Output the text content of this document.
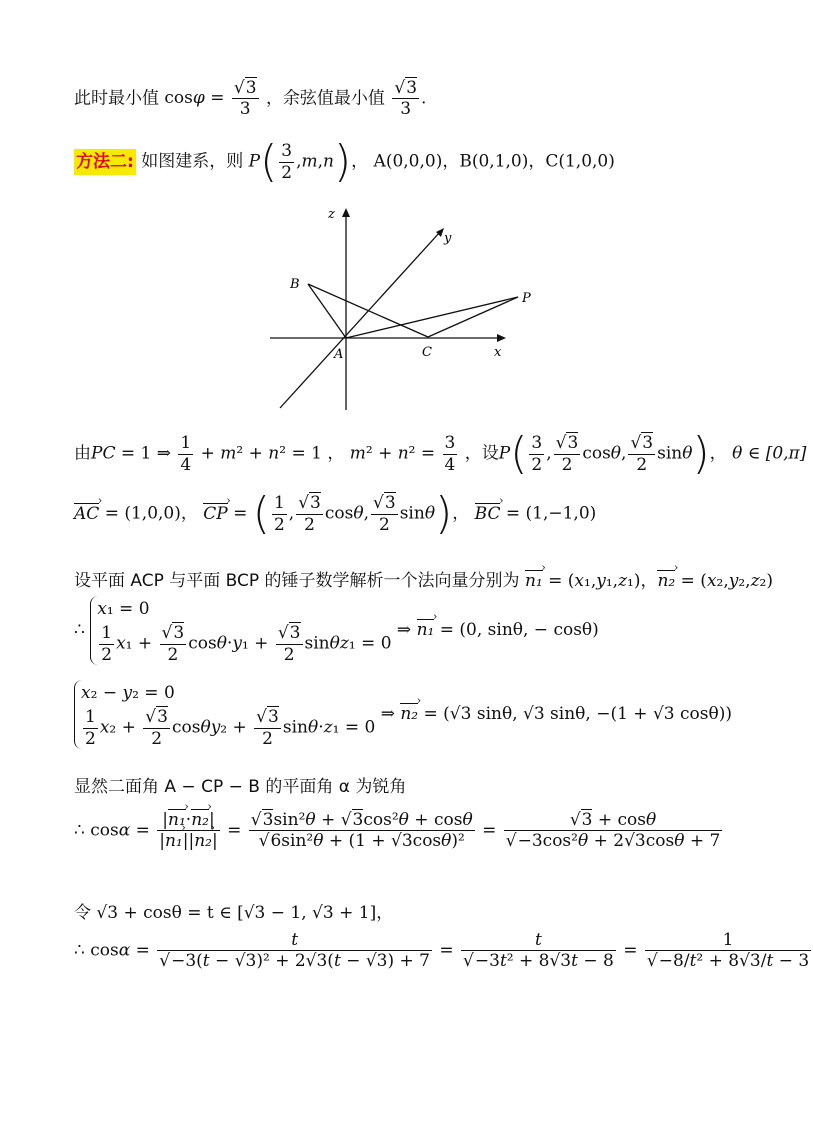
此时最小值 $\cos\varphi = \frac{√3}{3}$ ，余弦值最小值 $\frac{√3}{3}$ .
方法二: 如图建系，则 $P( \frac{3}{2} ,m,n)$， A(0,0,0)，B(0,1,0)，C(1,0,0)
z
y
x
B
A	C
P
由PC = 1 ⇒ $\frac{1}{4} + m^2 + n^2 = 1$ ， $m^2 + n^2 = \frac{3}{4}$ ，设$P( \frac{3}{2}$ , $\frac{√3}{2} \cos\theta$, $\frac{√3}{2} \sin\theta$)， θ ∈ [0,π]
AC › = (1,0,0)， CP › = ( $\frac{1}{2}$ , $\frac{√3}{2} \cos\theta$, $\frac{√3}{2} \sin\theta$)， BC › = (1,−1,0)
设平面 ACP 与平面 BCP 的锤子数学解析一个法向量分别为 n₁ › = (x₁,y₁,z₁)，n₂ › = (x₂,y₂,z₂)
∴
x₁ = 0
$\frac{1}{2} x_1 + \frac{√3}{2} \cos\theta\cdot y_1 + \frac{√3}{2} \sin\theta z_1 = 0$
⇒ n₁ › = (0, sinθ, − cosθ)
x₂ − y₂ = 0
$\frac{1}{2} x_2 + \frac{√3}{2} \cos\theta y_2 + \frac{√3}{2} \sin\theta\cdot z_1 = 0$
⇒ n₂ › = (√3 sinθ, √3 sinθ, −(1 + √3 cosθ))
显然二面角 A − CP − B 的平面角 α 为锐角
∴ $\cos\alpha = \frac{\text{|n₁ ›·n₂ ›|}}{\text{|n₁ ›||n₂ ›|}} = \frac{\text{√3sin²θ + √3cos²θ + cosθ}}{\text{√6sin²θ + (1 + √3cosθ)²}} = \frac{√3 + \cos\theta}{\text{√−3cos²θ + 2√3cosθ + 7}}$
令 √3 + cosθ = t ∈ [√3 − 1, √3 + 1]，
∴ $\cos\alpha = \frac{t}{\text{√−3(t − √3)² + 2√3(t − √3) + 7}} = \frac{t}{\text{√−3t² + 8√3t − 8}} = \frac{1}{\text{√−8/t² + 8√3/t − 3}}$
